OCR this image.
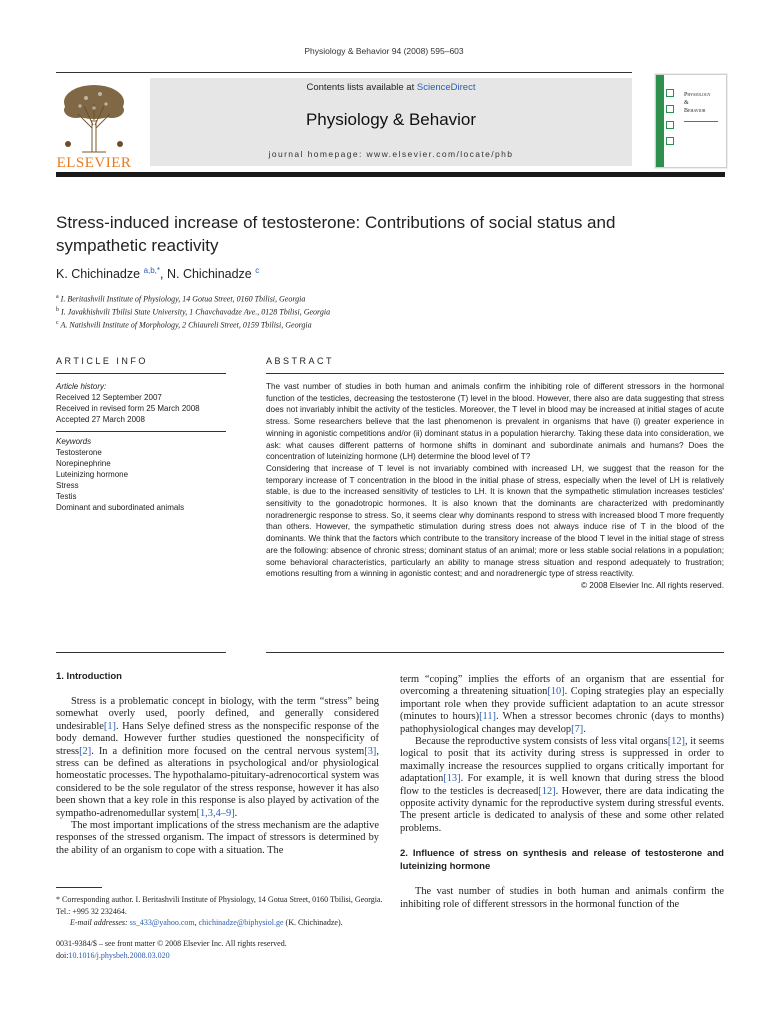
Physiology & Behavior 94 (2008) 595–603
ELSEVIER
Contents lists available at ScienceDirect
Physiology & Behavior
journal homepage: www.elsevier.com/locate/phb
Physiology
&
Behavior
Stress-induced increase of testosterone: Contributions of social status and sympathetic reactivity
K. Chichinadze $^{a,b,*}$, N. Chichinadze $^c$
$^a$ I. Beritashvili Institute of Physiology, 14 Gotua Street, 0160 Tbilisi, Georgia
$^b$ I. Javakhishvili Tbilisi State University, 1 Chavchavadze Ave., 0128 Tbilisi, Georgia
$^c$ A. Natishvili Institute of Morphology, 2 Chiaureli Street, 0159 Tbilisi, Georgia
ARTICLE INFO	ABSTRACT
Article history:
Received 12 September 2007
Received in revised form 25 March 2008
Accepted 27 March 2008
Keywords
Testosterone
Norepinephrine
Luteinizing hormone
Stress
Testis
Dominant and subordinated animals

The vast number of studies in both human and animals confirm the inhibiting role of different stressors in the hormonal function of the testicles, decreasing the testosterone (T) level in the blood. However, there also are data suggesting that stress does not invariably inhibit the activity of the testicles. Moreover, the T level in blood may be increased at initial stages of acute stress. Some researchers believe that the last phenomenon is prevalent in organisms that have (i) greater experience in winning in agonistic competitions and/or (ii) dominant status in a population hierarchy. Taking these data into consideration, we ask: what causes different patterns of hormone shifts in dominant and subordinate animals and humans? Does the concentration of luteinizing hormone (LH) determine the blood level of T?

Considering that increase of T level is not invariably combined with increased LH, we suggest that the reason for the temporary increase of T concentration in the blood in the initial phase of stress, especially when the level of LH is relatively stable, is due to the increased sensitivity of testicles to LH. It is known that the sympathetic stimulation increases testicles' sensitivity to the gonadotropic hormones. It is also known that the dominants are characterized with predominantly noradrenergic response to stress. So, it seems clear why dominants respond to stress with increased blood T more frequently than others. However, the sympathetic stimulation during stress does not always induce rise of T in the blood of the dominants. We think that the factors which contribute to the transitory increase of the blood T level in the initial stage of stress are the following: absence of chronic stress; dominant status of an animal; more or less stable social relations in a population; some behavioral characteristics, particularly an ability to manage stress situation and respond adequately to frustration; emotions resulting from a winning in agonistic contest; and and noradrenergic type of stress reactivity.

© 2008 Elsevier Inc. All rights reserved.

1. Introduction

Stress is a problematic concept in biology, with the term “stress” being somewhat overly used, poorly defined, and generally considered undesirable[1]. Hans Selye defined stress as the nonspecific response of the body demand. However further studies questioned the nonspecificity of stress[2]. In a definition more focused on the central nervous system[3], stress can be defined as alterations in psychological and/or physiological homeostatic processes. The hypothalamo-pituitary-adrenocortical system was considered to be the sole regulator of the stress response, however it has also been shown that a key role in this response is also played by activation of the sympatho-adrenomedullar system[1,3,4–9].

The most important implications of the stress mechanism are the adaptive responses of the stressed organism. The impact of stressors is determined by the ability of an organism to cope with a situation. The

* Corresponding author. I. Beritashvili Institute of Physiology, 14 Gotua Street, 0160 Tbilisi, Georgia. Tel.: +995 32 232464.
E-mail addresses: ss_433@yahoo.com, chichinadze@biphysiol.ge (K. Chichinadze).
0031-9384/$ – see front matter © 2008 Elsevier Inc. All rights reserved.
doi:10.1016/j.physbeh.2008.03.020

term “coping” implies the efforts of an organism that are essential for overcoming a threatening situation[10]. Coping strategies play an especially important role when they provide sufficient adaptation to an acute stressor (minutes to hours)[11]. When a stressor becomes chronic (days to months) pathophysiological changes may develop[7].

Because the reproductive system consists of less vital organs[12], it seems logical to posit that its activity during stress is suppressed in order to maximally increase the resources supplied to organs critically important for adaptation[13]. For example, it is well known that during stress the blood flow to the testicles is decreased[12]. However, there are data indicating the opposite activity dynamic for the reproductive system during stressful events. The present article is dedicated to analysis of these and some other related problems.

2. Influence of stress on synthesis and release of testosterone and luteinizing hormone

The vast number of studies in both human and animals confirm the inhibiting role of different stressors in the hormonal function of the
